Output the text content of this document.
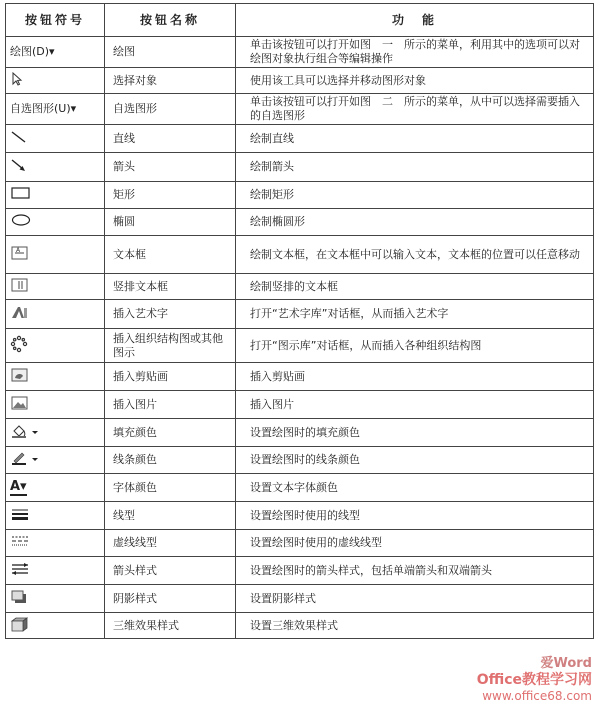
按钮符号	按钮名称	功　能

绘图(D)▾	绘图	单击该按钮可以打开如图　一　所示的菜单，利用其中的选项可以对绘图对象执行组合等编辑操作

	选择对象	使用该工具可以选择并移动图形对象

自选图形(U)▾	自选图形	单击该按钮可以打开如图　二　所示的菜单，从中可以选择需要插入的自选图形

	直线	绘制直线

	箭头	绘制箭头

	矩形	绘制矩形

	椭圆	绘制椭圆形

A	文本框	绘制文本框，在文本框中可以输入文本，文本框的位置可以任意移动

	竖排文本框	绘制竖排的文本框

	插入艺术字	打开“艺术字库”对话框，从而插入艺术字

	插入组织结构图或其他图示	打开“图示库”对话框，从而插入各种组织结构图

	插入剪贴画	插入剪贴画

	插入图片	插入图片

	填充颜色	设置绘图时的填充颜色

	线条颜色	设置绘图时的线条颜色

A▾	字体颜色	设置文本字体颜色

	线型	设置绘图时使用的线型

	虚线线型	设置绘图时使用的虚线线型

	箭头样式	设置绘图时的箭头样式，包括单端箭头和双端箭头

	阴影样式	设置阴影样式

	三维效果样式	设置三维效果样式
爱Word
Office教程学习网
www.office68.com
